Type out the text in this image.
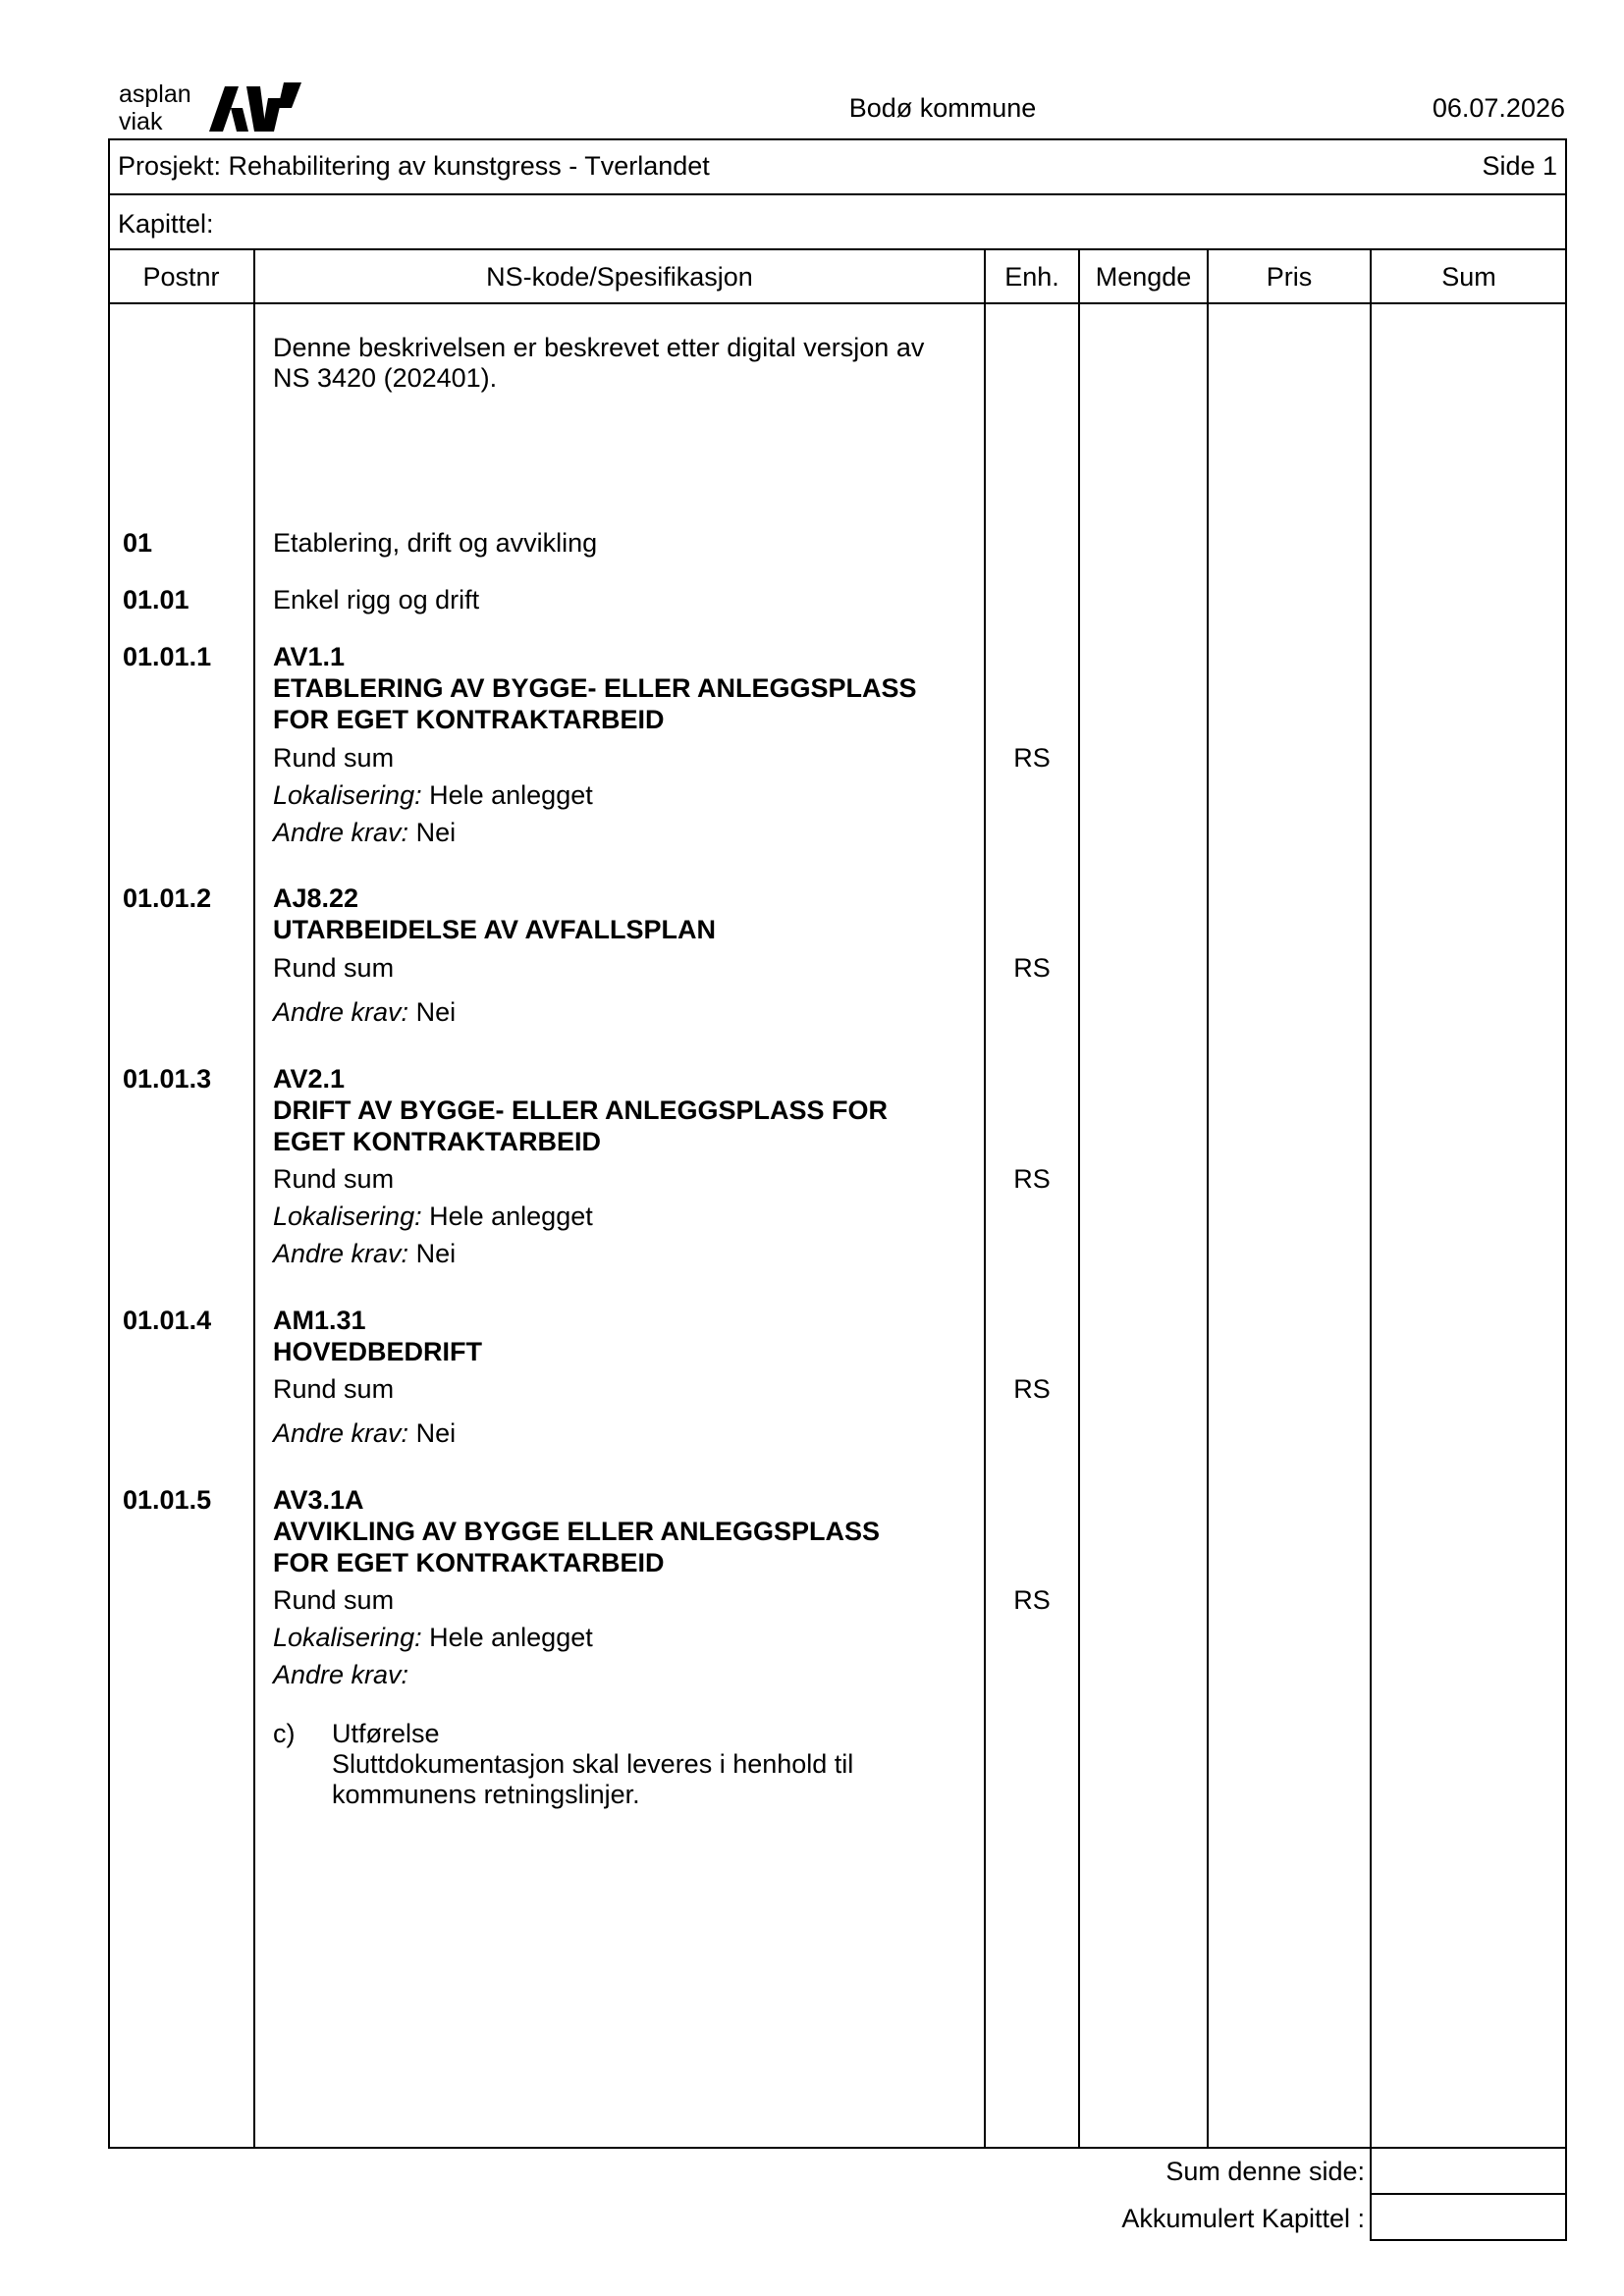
asplan
viak	Bodø kommune	06.07.2026
Prosjekt: Rehabilitering av kunstgress - Tverlandet	Side 1
Kapittel:
Postnr	NS-kode/Spesifikasjon	Enh.	Mengde	Pris	Sum
Denne beskrivelsen er beskrevet etter digital versjon av
NS 3420 (202401).
01	Etablering, drift og avvikling
01.01	Enkel rigg og drift
01.01.1 AV1.1
ETABLERING AV BYGGE- ELLER ANLEGGSPLASS
FOR EGET KONTRAKTARBEID
Rund sum	RS
Lokalisering: Hele anlegget
Andre krav: Nei
01.01.2 AJ8.22
UTARBEIDELSE AV AVFALLSPLAN
Rund sum	RS
Andre krav: Nei
01.01.3 AV2.1
DRIFT AV BYGGE- ELLER ANLEGGSPLASS FOR
EGET KONTRAKTARBEID
Rund sum	RS
Lokalisering: Hele anlegget
Andre krav: Nei
01.01.4 AM1.31
HOVEDBEDRIFT
Rund sum	RS
Andre krav: Nei
01.01.5 AV3.1A
AVVIKLING AV BYGGE ELLER ANLEGGSPLASS
FOR EGET KONTRAKTARBEID
Rund sum	RS
Lokalisering: Hele anlegget
Andre krav:
c) Utførelse
Sluttdokumentasjon skal leveres i henhold til
kommunens retningslinjer.
Sum denne side:
Akkumulert Kapittel :
